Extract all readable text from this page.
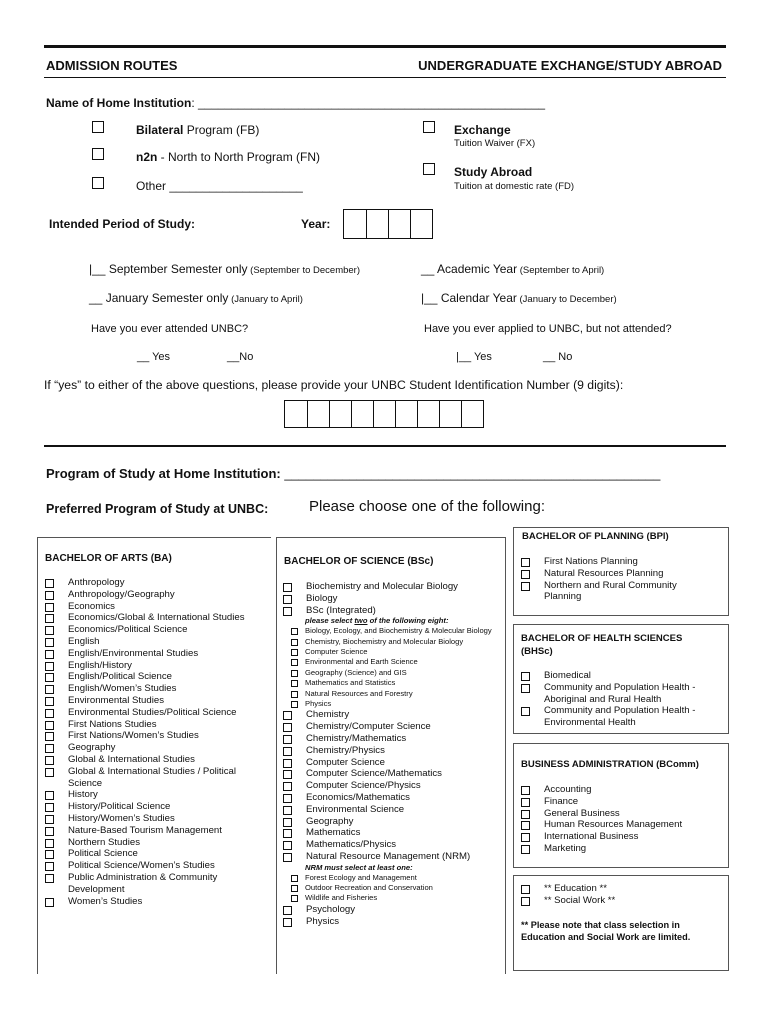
ADMISSION ROUTES	UNDERGRADUATE EXCHANGE/STUDY ABROAD
Name of Home Institution: ____________________________________________________
Bilateral Program (FB)
n2n - North to North Program (FN)
Other ____________________
Exchange
Tuition Waiver (FX)
Study Abroad
Tuition at domestic rate (FD)
Intended Period of Study:	Year:
|__ September Semester only (September to December)
__ January Semester only (January to April)
__ Academic Year (September to April)
|__ Calendar Year (January to December)
Have you ever attended UNBC?	Have you ever applied to UNBC, but not attended?
__ Yes	__No	|__ Yes	__ No
If “yes” to either of the above questions, please provide your UNBC Student Identification Number (9 digits):
Program of Study at Home Institution: ____________________________________________________
Preferred Program of Study at UNBC:	Please choose one of the following:
BACHELOR OF ARTS (BA)
Anthropology
Anthropology/Geography
Economics
Economics/Global & International Studies
Economics/Political Science
English
English/Environmental Studies
English/History
English/Political Science
English/Women’s Studies
Environmental Studies
Environmental Studies/Political Science
First Nations Studies
First Nations/Women’s Studies
Geography
Global & International Studies
Global & International Studies / Political Science
History
History/Political Science
History/Women’s Studies
Nature-Based Tourism Management
Northern Studies
Political Science
Political Science/Women’s Studies
Public Administration & Community Development
Women’s Studies
BACHELOR OF SCIENCE (BSc)
Biochemistry and Molecular Biology
Biology
BSc (Integrated)
please select two of the following eight:
Biology, Ecology, and Biochemistry & Molecular Biology
Chemistry, Biochemistry and Molecular Biology
Computer Science
Environmental and Earth Science
Geography (Science) and GIS
Mathematics and Statistics
Natural Resources and Forestry
Physics
Chemistry
Chemistry/Computer Science
Chemistry/Mathematics
Chemistry/Physics
Computer Science
Computer Science/Mathematics
Computer Science/Physics
Economics/Mathematics
Environmental Science
Geography
Mathematics
Mathematics/Physics
Natural Resource Management (NRM)
NRM must select at least one:
Forest Ecology and Management
Outdoor Recreation and Conservation
Wildlife and Fisheries
Psychology
Physics
BACHELOR OF PLANNING (BPl)
First Nations Planning
Natural Resources Planning
Northern and Rural Community Planning
BACHELOR OF HEALTH SCIENCES (BHSc)
Biomedical
Community and Population Health - Aboriginal and Rural Health
Community and Population Health - Environmental Health
BUSINESS ADMINISTRATION (BComm)
Accounting
Finance
General Business
Human Resources Management
International Business
Marketing
** Education **
** Social Work **
** Please note that class selection in Education and Social Work are limited.
